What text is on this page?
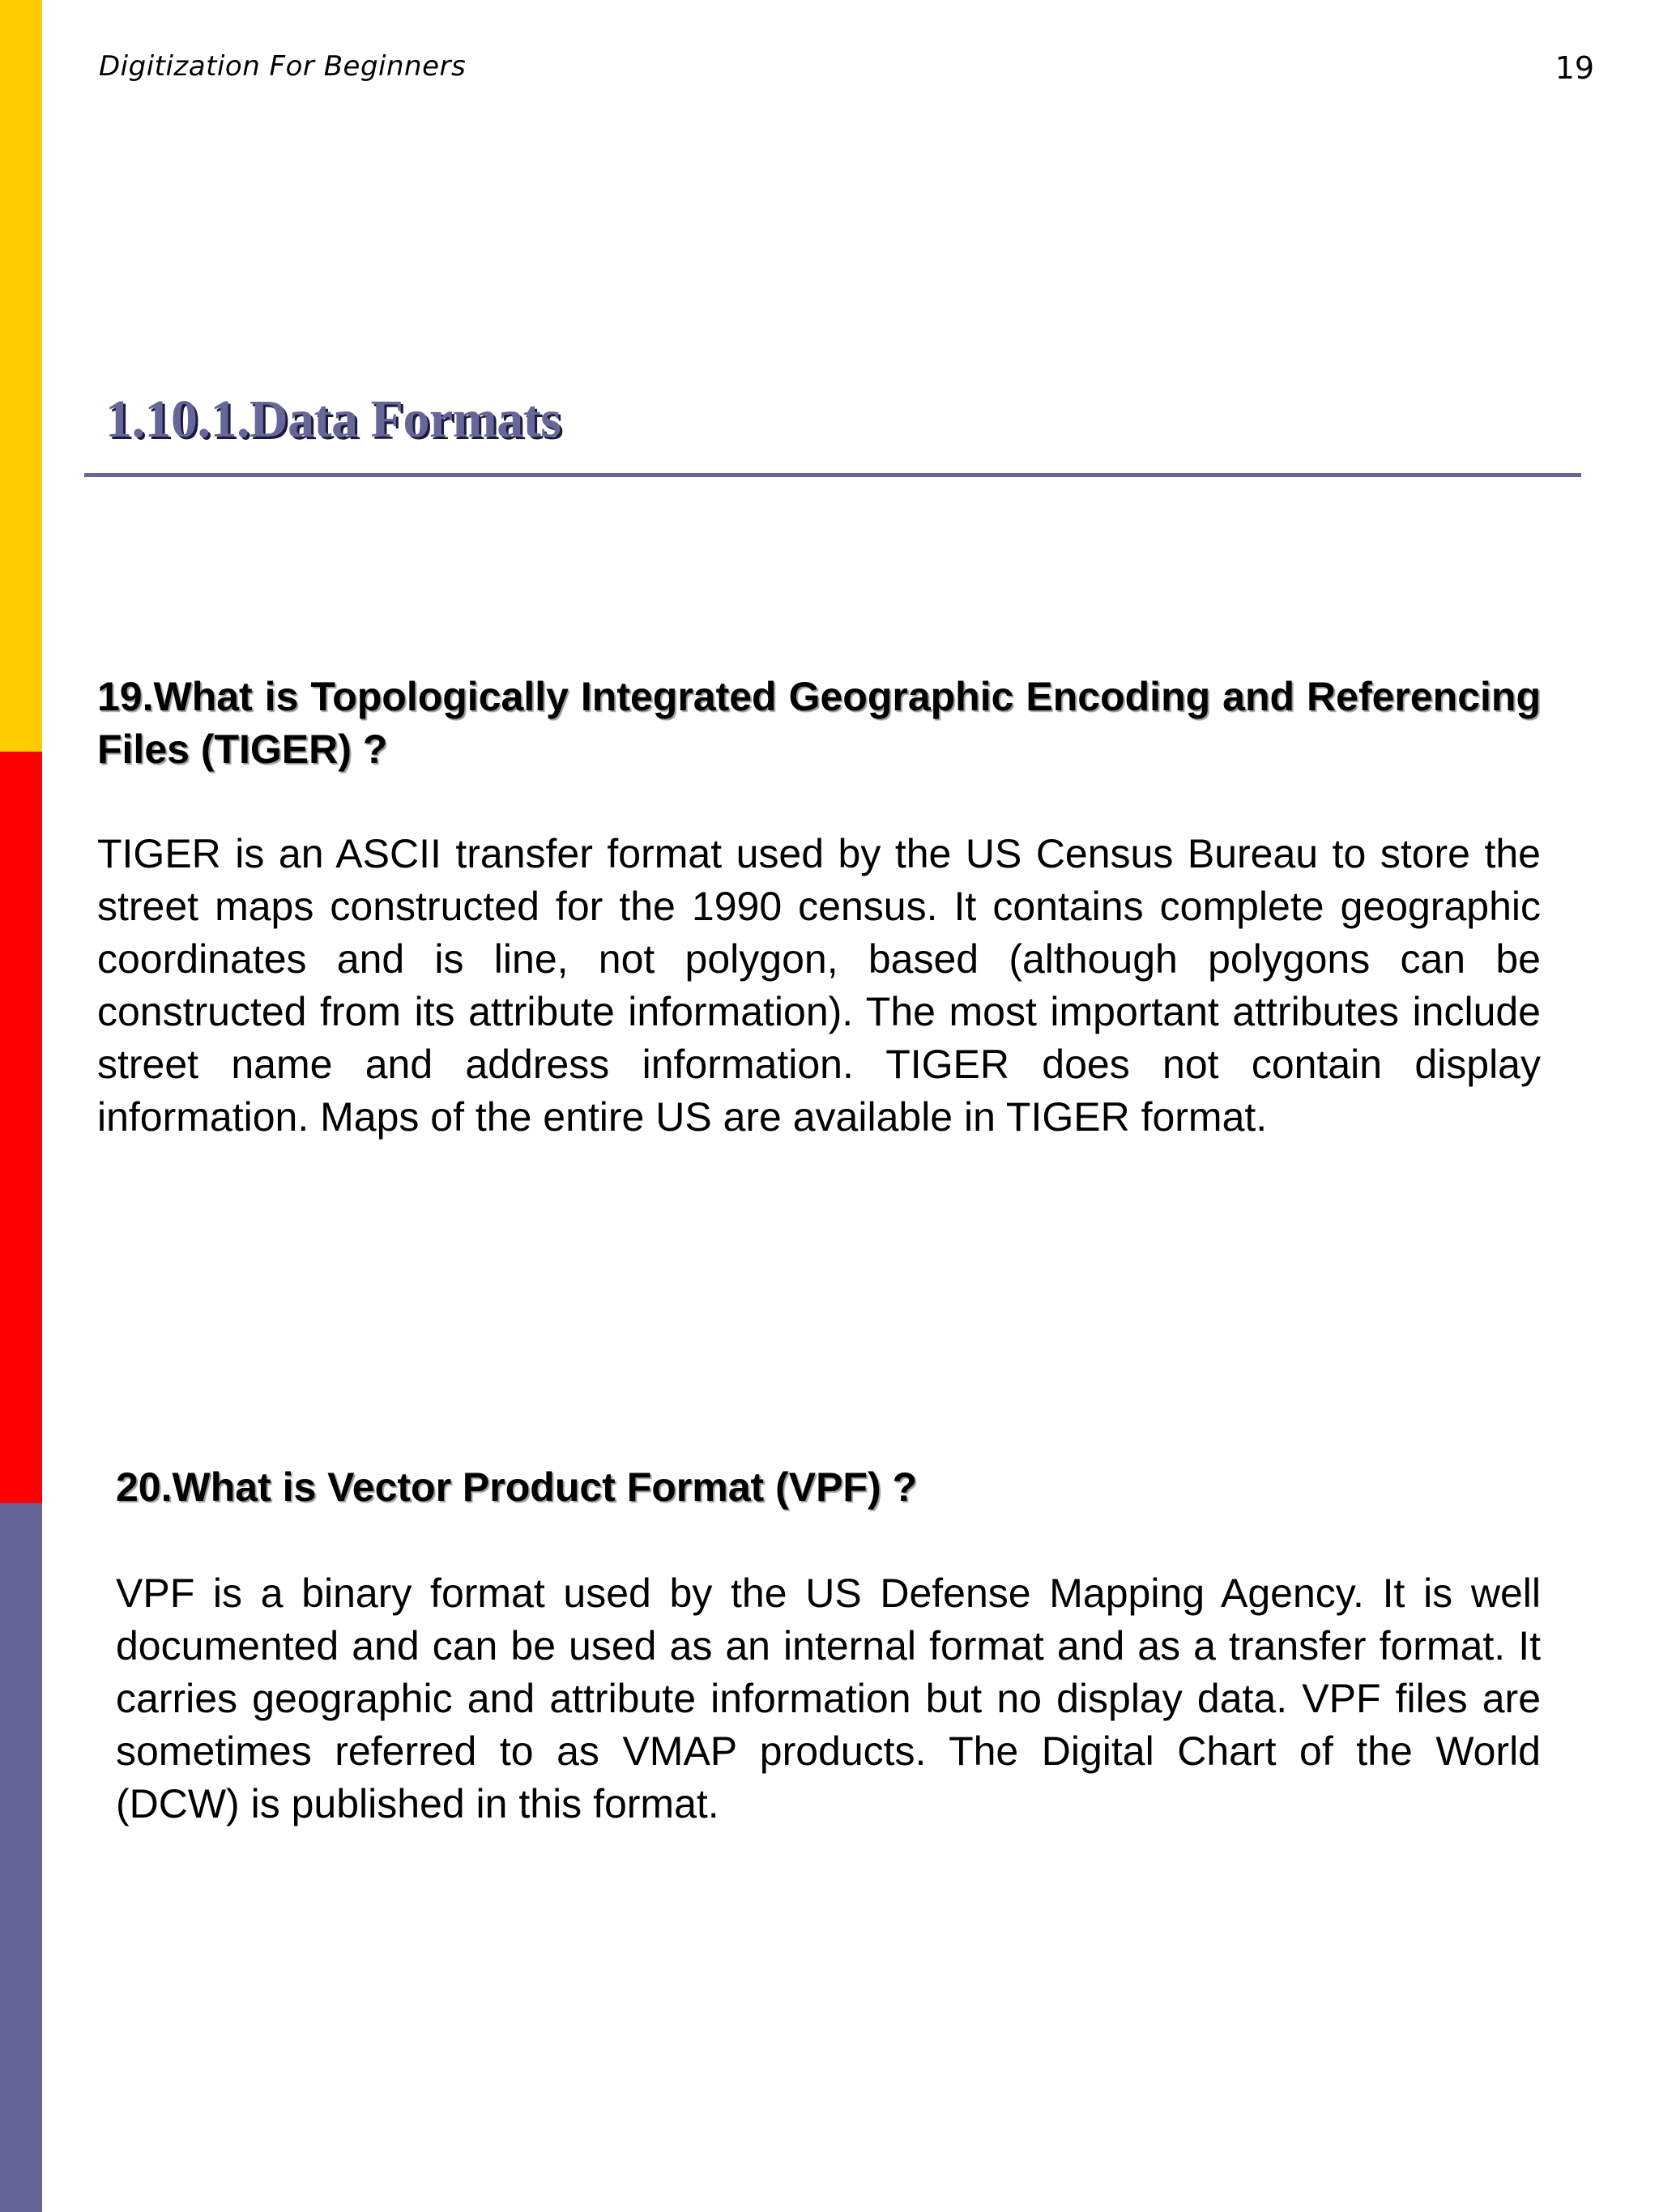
Digitization For Beginners	19
1.10.1.Data Formats

19.What is Topologically Integrated Geographic Encoding and Referencing Files (TIGER) ?

TIGER is an ASCII transfer format used by the US Census Bureau to store the street maps constructed for the 1990 census. It contains complete geographic coordinates and is line, not polygon, based (although polygons can be constructed from its attribute information). The most important attributes include street name and address information. TIGER does not contain display information. Maps of the entire US are available in TIGER format.

20.What is Vector Product Format (VPF) ?

VPF is a binary format used by the US Defense Mapping Agency. It is well documented and can be used as an internal format and as a transfer format. It carries geographic and attribute information but no display data. VPF files are sometimes referred to as VMAP products. The Digital Chart of the World (DCW) is published in this format.
